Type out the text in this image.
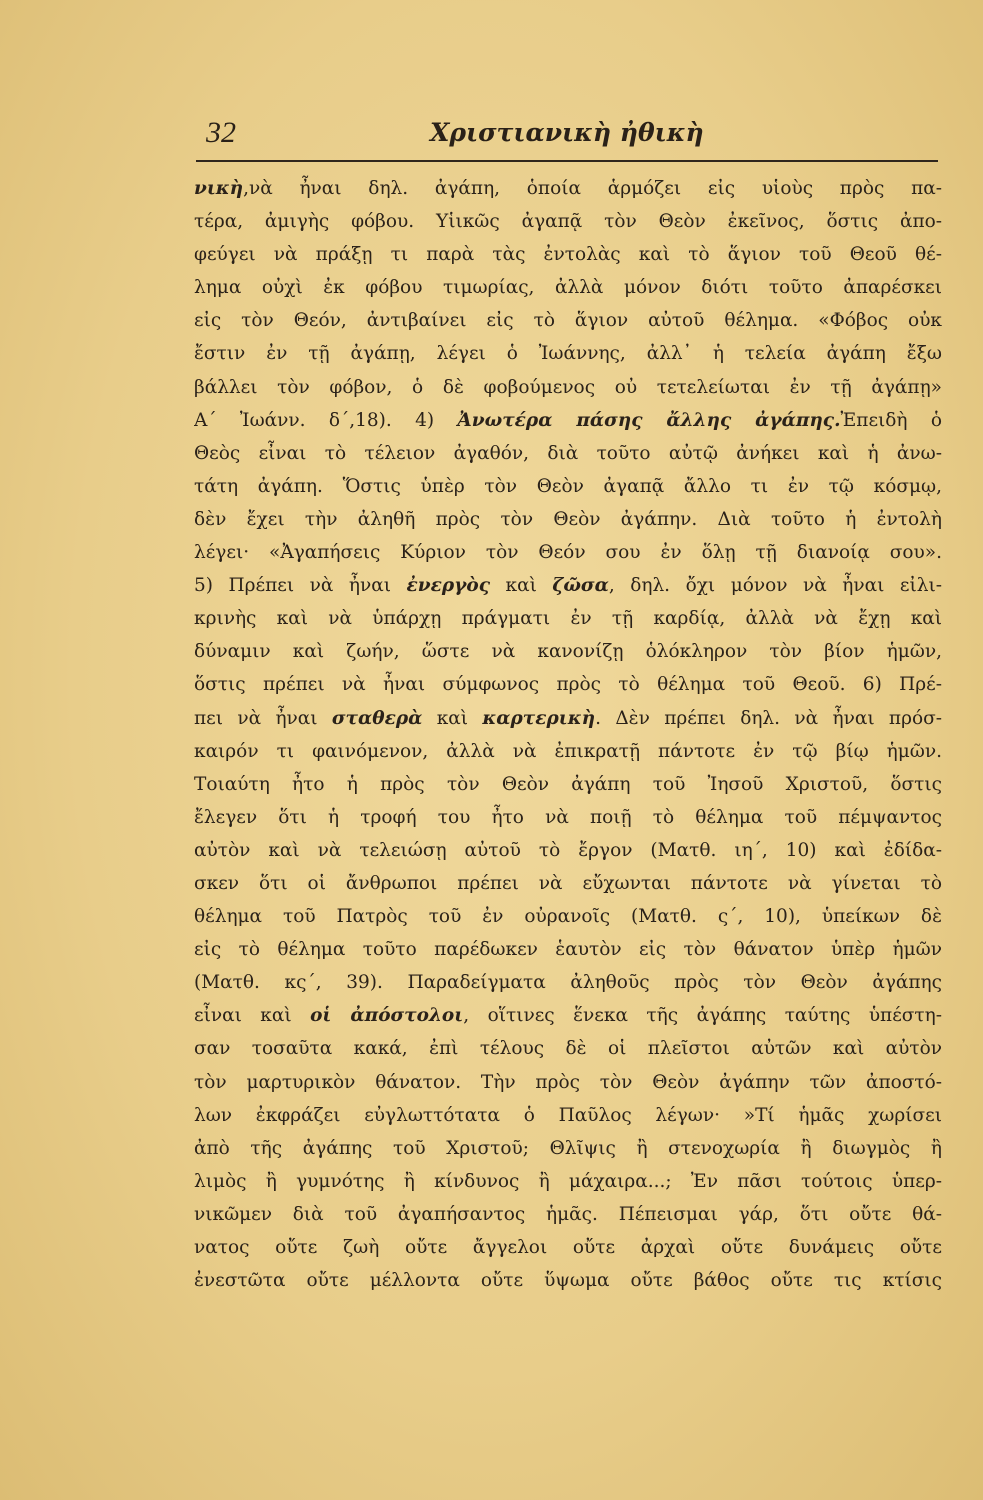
32	Χριστιανικὴ ἠθικὴ
νικὴ,νὰ ἦναι δηλ. ἀγάπη, ὁποία ἁρμόζει εἰς υἱοὺς πρὸς πα-
τέρα, ἀμιγὴς φόβου. Υἱικῶς ἀγαπᾷ τὸν Θεὸν ἐκεῖνος, ὅστις ἀπο-
φεύγει νὰ πράξῃ τι παρὰ τὰς ἐντολὰς καὶ τὸ ἅγιον τοῦ Θεοῦ θέ-
λημα οὐχὶ ἐκ φόβου τιμωρίας, ἀλλὰ μόνον διότι τοῦτο ἀπαρέσκει
εἰς τὸν Θεόν, ἀντιβαίνει εἰς τὸ ἅγιον αὐτοῦ θέλημα. «Φόβος οὐκ
ἔστιν ἐν τῇ ἀγάπῃ, λέγει ὁ Ἰωάννης, ἀλλ᾽ ἡ τελεία ἀγάπη ἔξω
βάλλει τὸν φόβον, ὁ δὲ φοβούμενος οὐ τετελείωται ἐν τῇ ἀγάπῃ»
Α΄ Ἰωάνν. δ΄,18). 4) Ἀνωτέρα πάσης ἄλλης ἀγάπης.Ἐπειδὴ ὁ
Θεὸς εἶναι τὸ τέλειον ἀγαθόν, διὰ τοῦτο αὐτῷ ἀνήκει καὶ ἡ ἀνω-
τάτη ἀγάπη. Ὅστις ὑπὲρ τὸν Θεὸν ἀγαπᾷ ἄλλο τι ἐν τῷ κόσμῳ,
δὲν ἔχει τὴν ἀληθῆ πρὸς τὸν Θεὸν ἀγάπην. Διὰ τοῦτο ἡ ἐντολὴ
λέγει· «Ἀγαπήσεις Κύριον τὸν Θεόν σου ἐν ὅλῃ τῇ διανοίᾳ σου».
5) Πρέπει νὰ ἦναι ἐνεργὸς καὶ ζῶσα, δηλ. ὄχι μόνον νὰ ἦναι εἰλι-
κρινὴς καὶ νὰ ὑπάρχῃ πράγματι ἐν τῇ καρδίᾳ, ἀλλὰ νὰ ἔχῃ καὶ
δύναμιν καὶ ζωήν, ὥστε νὰ κανονίζῃ ὁλόκληρον τὸν βίον ἡμῶν,
ὅστις πρέπει νὰ ἦναι σύμφωνος πρὸς τὸ θέλημα τοῦ Θεοῦ. 6) Πρέ-
πει νὰ ἦναι σταθερὰ καὶ καρτερικὴ. Δὲν πρέπει δηλ. νὰ ἦναι πρόσ-
καιρόν τι φαινόμενον, ἀλλὰ νὰ ἐπικρατῇ πάντοτε ἐν τῷ βίῳ ἡμῶν.
Τοιαύτη ἦτο ἡ πρὸς τὸν Θεὸν ἀγάπη τοῦ Ἰησοῦ Χριστοῦ, ὅστις
ἔλεγεν ὅτι ἡ τροφή του ἦτο νὰ ποιῇ τὸ θέλημα τοῦ πέμψαντος
αὐτὸν καὶ νὰ τελειώσῃ αὐτοῦ τὸ ἔργον (Ματθ. ιη΄, 10) καὶ ἐδίδα-
σκεν ὅτι οἱ ἄνθρωποι πρέπει νὰ εὔχωνται πάντοτε νὰ γίνεται τὸ
θέλημα τοῦ Πατρὸς τοῦ ἐν οὐρανοῖς (Ματθ. ς΄, 10), ὑπείκων δὲ
εἰς τὸ θέλημα τοῦτο παρέδωκεν ἑαυτὸν εἰς τὸν θάνατον ὑπὲρ ἡμῶν
(Ματθ. κς΄, 39). Παραδείγματα ἀληθοῦς πρὸς τὸν Θεὸν ἀγάπης
εἶναι καὶ οἱ ἀπόστολοι, οἵτινες ἕνεκα τῆς ἀγάπης ταύτης ὑπέστη-
σαν τοσαῦτα κακά, ἐπὶ τέλους δὲ οἱ πλεῖστοι αὐτῶν καὶ αὐτὸν
τὸν μαρτυρικὸν θάνατον. Τὴν πρὸς τὸν Θεὸν ἀγάπην τῶν ἀποστό-
λων ἐκφράζει εὐγλωττότατα ὁ Παῦλος λέγων· »Τί ἡμᾶς χωρίσει
ἀπὸ τῆς ἀγάπης τοῦ Χριστοῦ; Θλῖψις ἢ στενοχωρία ἢ διωγμὸς ἢ
λιμὸς ἢ γυμνότης ἢ κίνδυνος ἢ μάχαιρα...; Ἐν πᾶσι τούτοις ὑπερ-
νικῶμεν διὰ τοῦ ἀγαπήσαντος ἡμᾶς. Πέπεισμαι γάρ, ὅτι οὔτε θά-
νατος οὔτε ζωὴ οὔτε ἄγγελοι οὔτε ἀρχαὶ οὔτε δυνάμεις οὔτε
ἐνεστῶτα οὔτε μέλλοντα οὔτε ὕψωμα οὔτε βάθος οὔτε τις κτίσις
